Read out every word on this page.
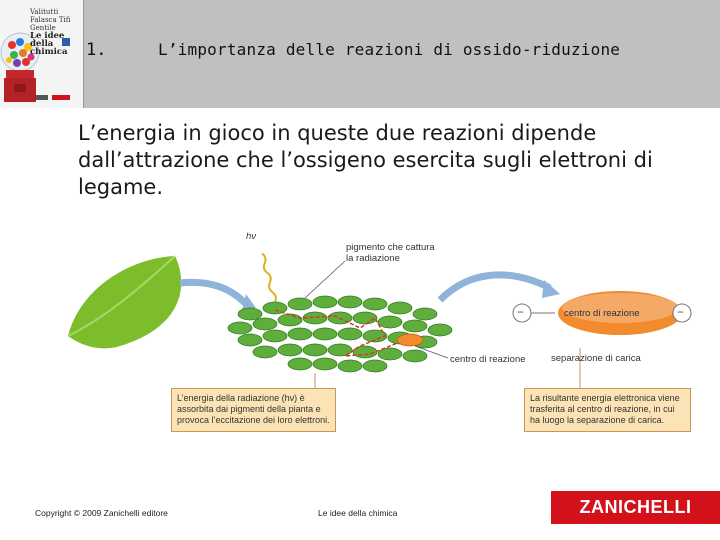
Valitutti
Falasca Tifi Gentile
Le idee della chimica	1.	L’importanza delle reazioni di ossido-riduzione
L’energia in gioco in queste due reazioni dipende dall’attrazione che l’ossigeno esercita sugli elettroni di legame.
hν
pigmento che cattura la radiazione
centro di reazione
centro di reazione
separazione di carica
−	−
L’energia della radiazione (hν) è assorbita dai pigmenti della pianta e provoca l’eccitazione dei loro elettroni.
La risultante energia elettronica viene trasferita al centro di reazione, in cui ha luogo la separazione di carica.
Copyright © 2009 Zanichelli editore	Le idee della chimica	ZANICHELLI
